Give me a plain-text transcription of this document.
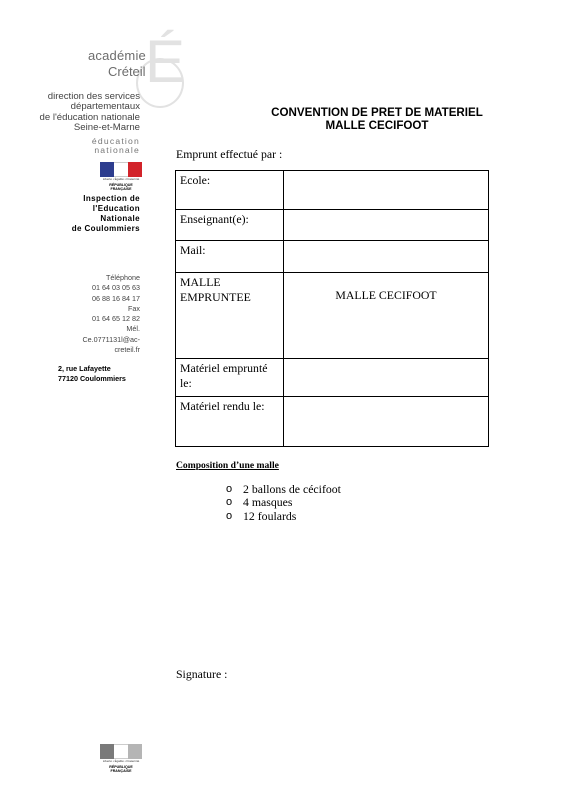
É
académie
Créteil
direction des services
départementaux
de l'éducation nationale
Seine-et-Marne
éducation
nationale
Liberté • Égalité • Fraternité
RÉPUBLIQUE FRANÇAISE
Inspection de
l'Education
Nationale
de Coulommiers
Téléphone
01 64 03 05 63
06 88 16 84 17
Fax
01 64 65 12 82
Mél.
Ce.0771131l@ac-
creteil.fr
2, rue Lafayette
77120 Coulommiers
Liberté • Égalité • Fraternité
RÉPUBLIQUE FRANÇAISE
CONVENTION DE PRET DE MATERIEL
MALLE CECIFOOT
Emprunt effectué par :
Ecole:	
Enseignant(e):	
Mail:	

MALLE
EMPRUNTEE	MALLE CECIFOOT
Matériel emprunté le:	
Matériel rendu le:	
Composition d’une malle
o 2 ballons de cécifoot
o 4 masques
o 12 foulards
Signature :
